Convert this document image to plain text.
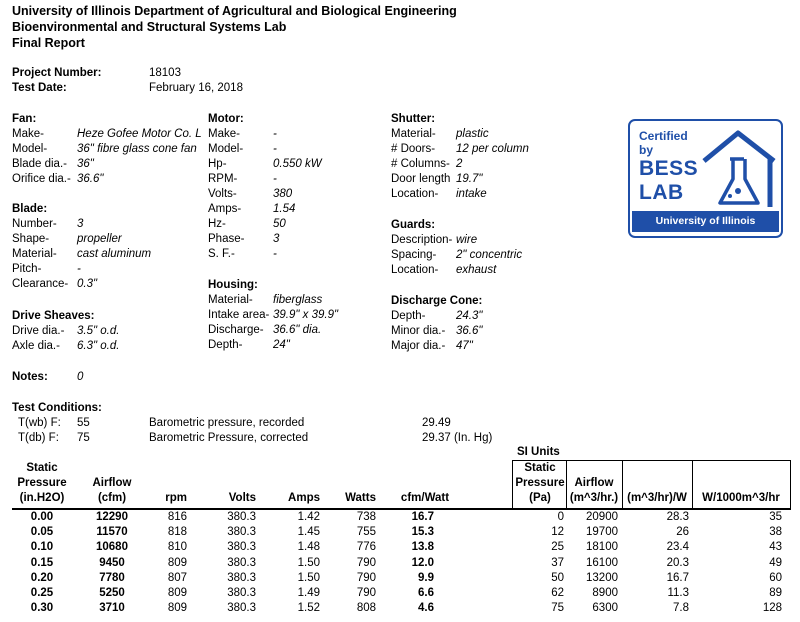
University of Illinois Department of Agricultural and Biological Engineering
Bioenvironmental and Structural Systems Lab
Final Report
Project Number:	18103
Test Date:	February 16, 2018
Fan:
Make-	Heze Gofee Motor Co. L
Model-	36" fibre glass cone fan
Blade dia.- 36"
Orifice dia.- 36.6"
Blade:
Number- 3
Shape- propeller
Material- cast aluminum
Pitch-	-
Clearance- 0.3"
Drive Sheaves:
Drive dia.- 3.5" o.d.
Axle dia.- 6.3" o.d.
Motor:
Make-	-
Model-	-
Hp-	0.550 kW
RPM-	-
Volts-	380
Amps-	1.54
Hz-	50
Phase- 3
S. F.-	-
Housing:
Material- fiberglass
Intake area- 39.9" x 39.9"
Discharge- 36.6" dia.
Depth-	24"
Shutter:
Material- plastic
# Doors- 12 per column
# Columns- 2
Door length 19.7"
Location- intake
Guards:
Description- wire
Spacing- 2" concentric
Location- exhaust
Discharge Cone:
Depth-	24.3"
Minor dia.- 36.6"
Major dia.- 47"
Certified
by
BESS
LAB
University of Illinois
Notes:	0
Test Conditions:
T(wb) F: 55
T(db) F: 75
Barometric pressure, recorded	29.49
Barometric Pressure, corrected	29.37 (In. Hg)
SI Units
Static
Pressure
(in.H2O)
Airflow
(cfm)	rpm	Volts	Amps	Watts	cfm/Watt
Static
Pressure
(Pa)
Airflow
(m^3/hr.) (m^3/hr)/W	W/1000m^3/hr
0.00	12290	816	380.3	1.42	738	16.7	0	20900	28.3	35
0.05	11570	818	380.3	1.45	755	15.3	12	19700	26	38
0.10	10680	810	380.3	1.48	776	13.8	25	18100	23.4	43
0.15	9450	809	380.3	1.50	790	12.0	37	16100	20.3	49
0.20	7780	807	380.3	1.50	790	9.9	50	13200	16.7	60
0.25	5250	809	380.3	1.49	790	6.6	62	8900	11.3	89
0.30	3710	809	380.3	1.52	808	4.6	75	6300	7.8	128
